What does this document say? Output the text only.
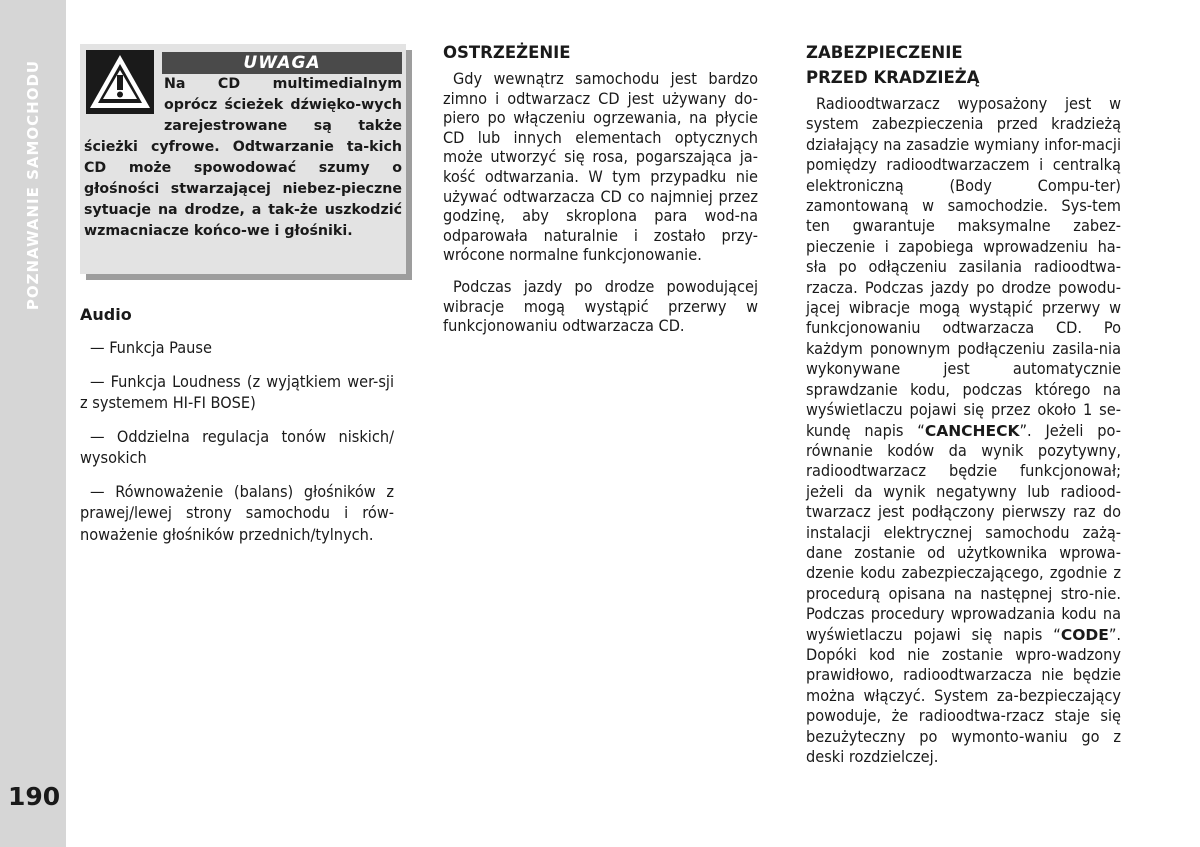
POZNAWANIE SAMOCHODU
190
UWAGA

Na CD multimedialnym oprócz ścieżek dźwięko-wych zarejestrowane są także ścieżki cyfrowe. Odtwarzanie ta-kich CD może spowodować szumy o głośności stwarzającej niebez-pieczne sytuacje na drodze, a tak-że uszkodzić wzmacniacze końco-we i głośniki.

Audio
— Funkcja Pause
— Funkcja Loudness (z wyjątkiem wer-sji z systemem HI-FI BOSE)
— Oddzielna regulacja tonów niskich/ wysokich
— Równoważenie (balans) głośników z prawej/lewej strony samochodu i rów-noważenie głośników przednich/tylnych.
OSTRZEŻENIE

Gdy wewnątrz samochodu jest bardzo zimno i odtwarzacz CD jest używany do-piero po włączeniu ogrzewania, na płycie CD lub innych elementach optycznych może utworzyć się rosa, pogarszająca ja-kość odtwarzania. W tym przypadku nie używać odtwarzacza CD co najmniej przez godzinę, aby skroplona para wod-na odparowała naturalnie i zostało przy-wrócone normalne funkcjonowanie.

Podczas jazdy po drodze powodującej wibracje mogą wystąpić przerwy w funkcjonowaniu odtwarzacza CD.

ZABEZPIECZENIE
PRZED KRADZIEŻĄ

Radioodtwarzacz wyposażony jest w system zabezpieczenia przed kradzieżą działający na zasadzie wymiany infor-macji pomiędzy radioodtwarzaczem i centralką elektroniczną (Body Compu-ter) zamontowaną w samochodzie. Sys-tem ten gwarantuje maksymalne zabez-pieczenie i zapobiega wprowadzeniu ha-sła po odłączeniu zasilania radioodtwa-rzacza. Podczas jazdy po drodze powodu-jącej wibracje mogą wystąpić przerwy w funkcjonowaniu odtwarzacza CD. Po każdym ponownym podłączeniu zasila-nia wykonywane jest automatycznie sprawdzanie kodu, podczas którego na wyświetlaczu pojawi się przez około 1 se-kundę napis “CANCHECK”. Jeżeli po-równanie kodów da wynik pozytywny, radioodtwarzacz będzie funkcjonował; jeżeli da wynik negatywny lub radiood-twarzacz jest podłączony pierwszy raz do instalacji elektrycznej samochodu zażą-dane zostanie od użytkownika wprowa-dzenie kodu zabezpieczającego, zgodnie z procedurą opisana na następnej stro-nie. Podczas procedury wprowadzania kodu na wyświetlaczu pojawi się napis “CODE”. Dopóki kod nie zostanie wpro-wadzony prawidłowo, radioodtwarzacza nie będzie można włączyć. System za-bezpieczający powoduje, że radioodtwa-rzacz staje się bezużyteczny po wymonto-waniu go z deski rozdzielczej.
